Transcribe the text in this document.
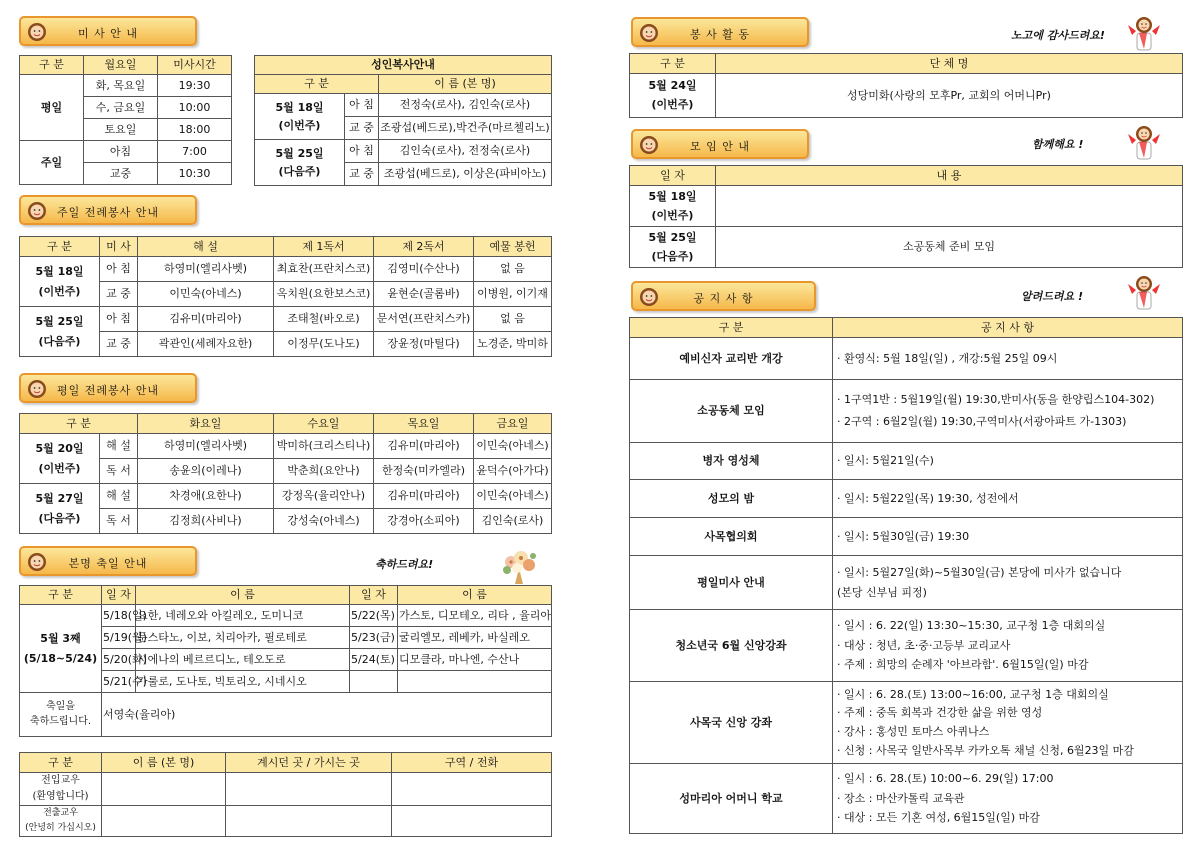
미 사 안 내
구 분	월요일	미사시간
평일	화, 목요일	19:30
	수, 금요일	10:00
	토요일	18:00
주일	아침	7:00
	교중	10:30
성인복사안내		
구 분		이 름 (본 명)

5월 18일
(이번주)	아 침	전정숙(로사), 김인숙(로사)
	교 중	조광섭(베드로),박건주(마르첼리노)

5월 25일
(다음주)	아 침	김인숙(로사), 전정숙(로사)
	교 중	조광섭(베드로), 이상은(파비아노)
주일 전례봉사 안내
구 분	미 사	해 설	제 1독서	제 2독서	예물 봉헌

5월 18일
(이번주)	아 침	하영미(엘리사벳)	최효찬(프란치스코)	김영미(수산나)	없 음
	교 중	이민숙(아네스)	옥치원(요한보스코)	윤현순(골롬바)	이병원, 이기재

5월 25일
(다음주)	아 침	김유미(마리아)	조태철(바오로)	문서연(프란치스카)	없 음
	교 중	곽관인(세례자요한)	이정무(도나도)	장윤정(마틸다)	노경준, 박미하
평일 전례봉사 안내
구 분		화요일	수요일	목요일	금요일

5월 20일
(이번주)	해 설	하영미(엘리사벳)	박미하(크리스티나)	김유미(마리아)	이민숙(아네스)
	독 서	송윤의(이레나)	박춘희(요안나)	한정숙(미카엘라)	윤덕수(아가다)

5월 27일
(다음주)	해 설	차경애(요한나)	강정옥(율리안나)	김유미(마리아)	이민숙(아네스)
	독 서	김정희(사비나)	강성숙(아네스)	강경아(소피아)	김인숙(로사)
본명 축일 안내	축하드려요!
구 분	일 자	이 름	일 자	이 름

5월 3째
(5/18~5/24)	5/18(일)	요한, 네레오와 아킬레오, 도미니코	5/22(목)	가스토, 디모테오, 리타 , 율리아
	5/19(월)	둔스타노, 이보, 치리아카, 필로테로	5/23(금)	굴리엘모, 레베카, 바실레오
	5/20(화)	시에나의 베르르디노, 테오도로	5/24(토)	디모클라, 마나엔, 수산나
	5/21(수)	가룰로, 도나토, 빅토리오, 시네시오		

축일을
축하드립니다.	서영숙(율리아)			
구 분	이 름 (본 명)	계시던 곳 / 가시는 곳	구역 / 전화

전입교우
(환영합니다)			

전출교우
(안녕히 가십시오)			

봉 사 활 동	노고에 감사드려요!
구 분	단 체 명

5월 24일
(이번주)	성당미화(사랑의 모후Pr, 교회의 어머니Pr)
모 임 안 내	함께해요 !
일 자	내 용

5월 18일
(이번주)	

5월 25일
(다음주)	소공동체 준비 모임
공 지 사 항	알려드려요 !
구 분	공 지 사 항
예비신자 교리반 개강	· 환영식: 5월 18일(일) , 개강:5월 25일 09시

소공동체 모임	· 1구역1반 : 5월19일(월) 19:30,반미사(동을 한양립스104-302)
· 2구역 : 6월2일(월) 19:30,구역미사(서광아파트 가-1303)

병자 영성체	· 일시: 5월21일(수)

성모의 밤	· 일시: 5월22일(목) 19:30, 성전에서

사목협의회	· 일시: 5월30일(금) 19:30

평일미사 안내	· 일시: 5월27일(화)~5월30일(금) 본당에 미사가 없습니다
(본당 신부님 피정)

청소년국 6월 신앙강좌	· 일시 : 6. 22(일) 13:30~15:30, 교구청 1층 대회의실
· 대상 : 청년, 초·중·고등부 교리교사
· 주제 : 희망의 순례자 '아브라함'. 6월15일(일) 마감

사목국 신앙 강좌	· 일시 : 6. 28.(토) 13:00~16:00, 교구청 1층 대회의실
· 주제 : 중독 회복과 건강한 삶을 위한 영성
· 강사 : 홍성민 토마스 아퀴나스
· 신청 : 사목국 일반사목부 카카오톡 채널 신청, 6월23일 마감

성마리아 어머니 학교	· 일시 : 6. 28.(토) 10:00~6. 29(일) 17:00
· 장소 : 마산카톨릭 교육관
· 대상 : 모든 기혼 여성, 6월15일(일) 마감
